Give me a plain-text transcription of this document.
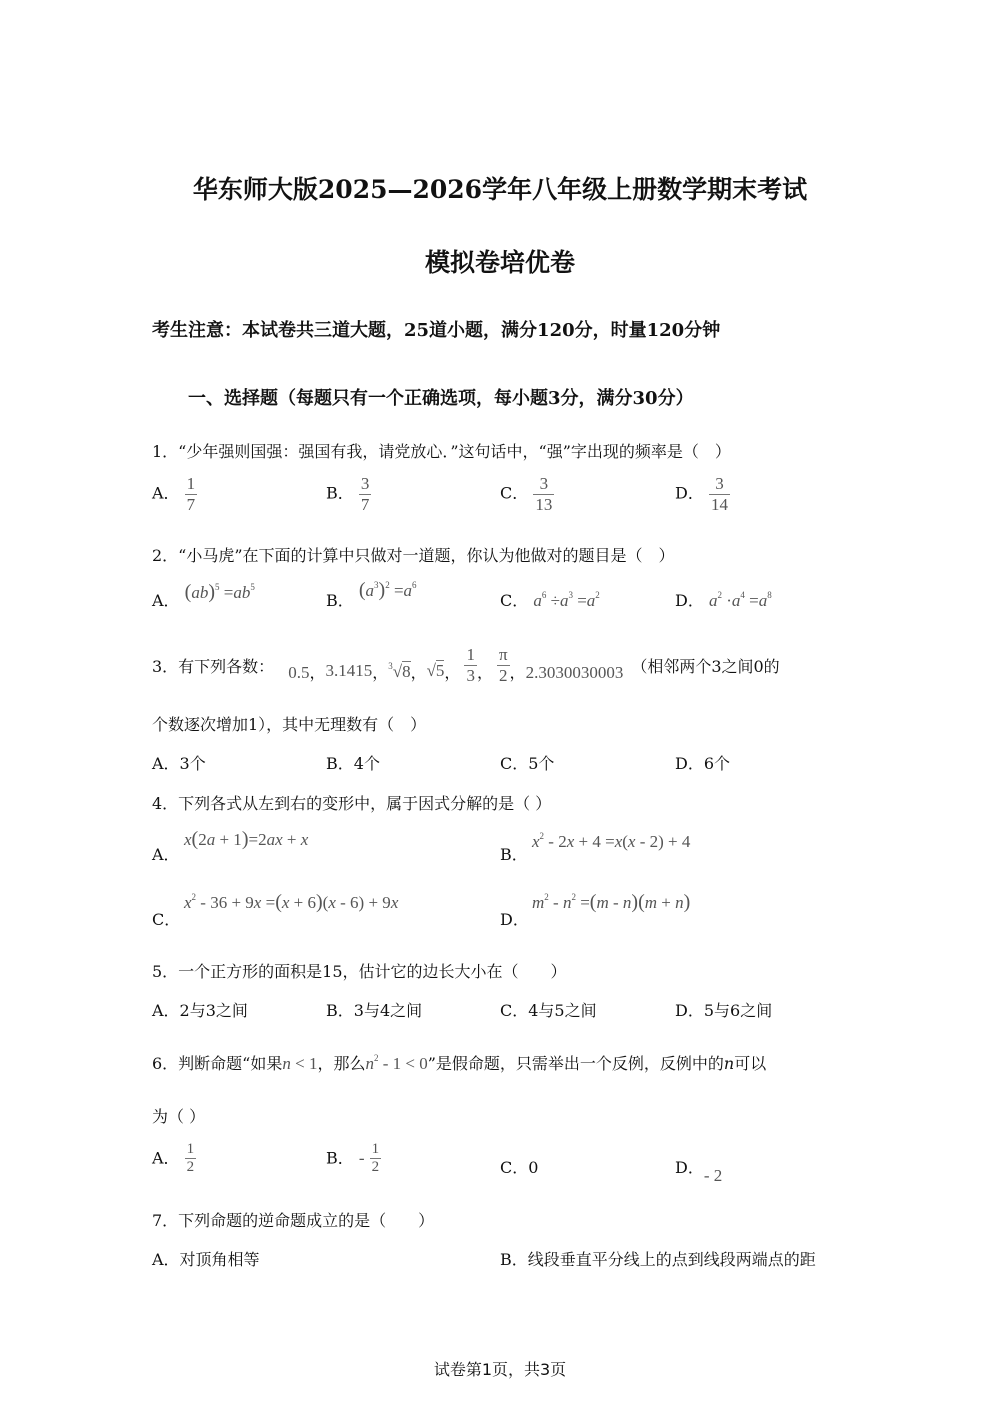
华东师大版2025—2026学年八年级上册数学期末考试
模拟卷培优卷
考生注意：本试卷共三道大题，25道小题，满分120分，时量120分钟
一、选择题（每题只有一个正确选项，每小题3分，满分30分）
1．“少年强则国强：强国有我，请党放心．”这句话中，“强”字出现的频率是（　）
A． $\frac{1}{7}$	B． $\frac{3}{7}$	C． $\frac{3}{13}$	D． $\frac{3}{14}$
2．“小马虎”在下面的计算中只做对一道题，你认为他做对的题目是（　）
A． $(ab)^5 =ab^5$
B． $(a^3)^2 =a^6$
C． $a^6 \div a^3 =a^2$	D． $a^2 \cdot a^4 =a^8$
3．有下列各数： 0.5 ， 3.1415 ， $^3$√8 ， √5 ， $\frac{1}{3}$ ， $\frac{\pi}{2}$ ， 2.3030030003 （相邻两个3之间0的
个数逐次增加1），其中无理数有（　）
A．3个	B．4个	C．5个	D．6个
4．下列各式从左到右的变形中，属于因式分解的是（ ）
A．
x(2a + 1)=2ax + x
B．
$x^2 - 2x + 4 =x(x - 2) + 4$
C．
$x^2 - 36 + 9x =(x + 6)(x - 6) + 9x$
D．
$m^2 - n^2 =(m - n)(m + n)$
5．一个正方形的面积是15，估计它的边长大小在（　　）
A．2与3之间	B．3与4之间	C．4与5之间	D．5与6之间
6．判断命题“如果n < 1，那么$n^2 - 1 < 0$”是假命题，只需举出一个反例，反例中的n可以
为（ ）
A． $\frac{1}{2}$	B． - $\frac{1}{2}$	C．0	D．- 2
7．下列命题的逆命题成立的是（　　）
A．对顶角相等	B．线段垂直平分线上的点到线段两端点的距
试卷第1页，共3页
